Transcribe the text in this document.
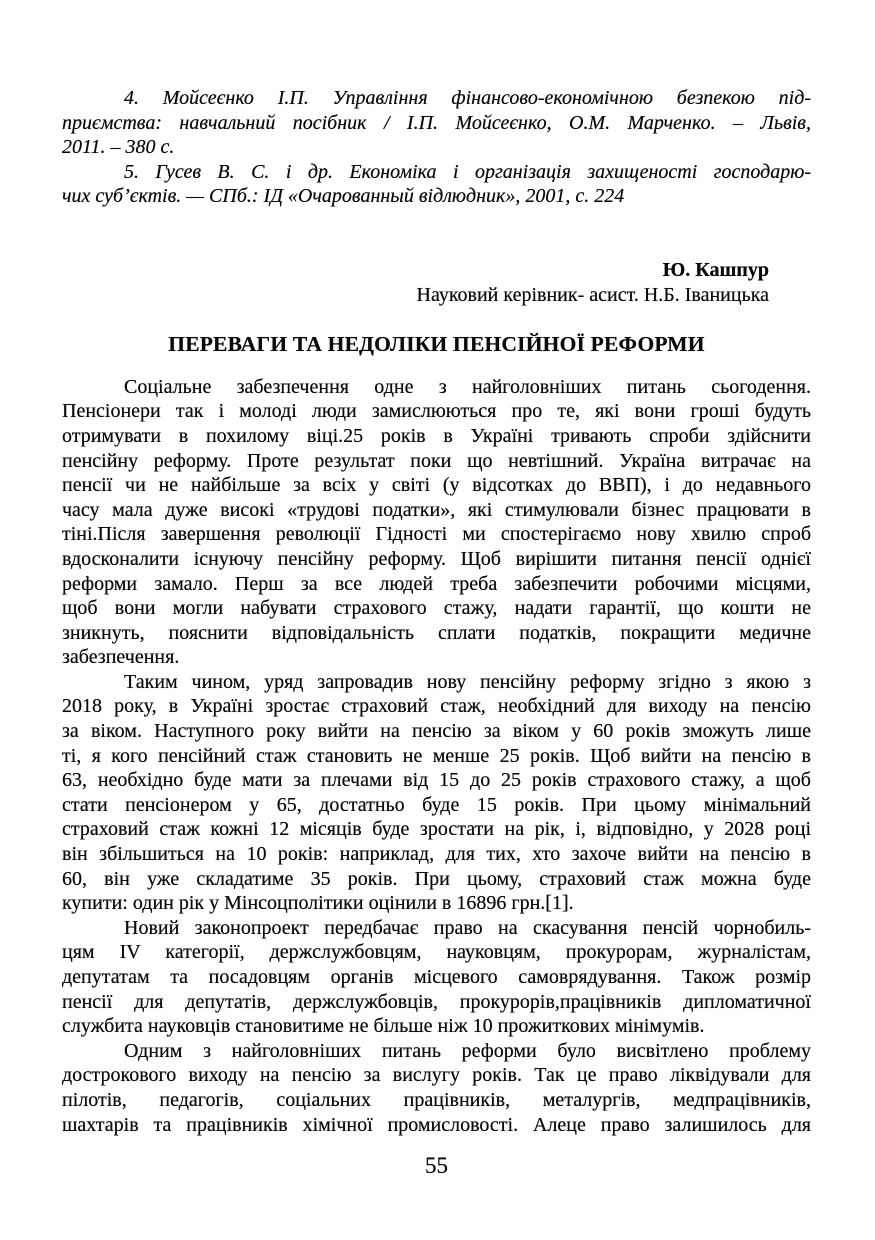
4. Мойсеєнко І.П. Управління фінансово-економічною безпекою під-
приємства: навчальний посібник / І.П. Мойсеєнко, О.М. Марченко. – Львів,
2011. – 380 с.
5. Гусев В. С. і др. Економіка і організація захищеності господарю-
чих суб’єктів. — СПб.: ІД «Очарованный відлюдник», 2001, с. 224
Ю. Кашпур
Науковий керівник- асист. Н.Б. Іваницька
ПЕРЕВАГИ ТА НЕДОЛІКИ ПЕНСІЙНОЇ РЕФОРМИ
Соціальне забезпечення одне з найголовніших питань сьогодення.
Пенсіонери так і молоді люди замислюються про те, які вони гроші будуть
отримувати в похилому віці.25 років в Україні тривають спроби здійснити
пенсійну реформу. Проте результат поки що невтішний. Україна витрачає на
пенсії чи не найбільше за всіх у світі (у відсотках до ВВП), і до недавнього
часу мала дуже високі «трудові податки», які стимулювали бізнес працювати в
тіні.Після завершення революції Гідності ми спостерігаємо нову хвилю спроб
вдосконалити існуючу пенсійну реформу. Щоб вирішити питання пенсії однієї
реформи замало. Перш за все людей треба забезпечити робочими місцями,
щоб вони могли набувати страхового стажу, надати гарантії, що кошти не
зникнуть, пояснити відповідальність сплати податків, покращити медичне
забезпечення.
Таким чином, уряд запровадив нову пенсійну реформу згідно з якою з
2018 року, в Україні зростає страховий стаж, необхідний для виходу на пенсію
за віком. Наступного року вийти на пенсію за віком у 60 років зможуть лише
ті, я кого пенсійний стаж становить не менше 25 років. Щоб вийти на пенсію в
63, необхідно буде мати за плечами від 15 до 25 років страхового стажу, а щоб
стати пенсіонером у 65, достатньо буде 15 років. При цьому мінімальний
страховий стаж кожні 12 місяців буде зростати на рік, і, відповідно, у 2028 році
він збільшиться на 10 років: наприклад, для тих, хто захоче вийти на пенсію в
60, він уже складатиме 35 років. При цьому, страховий стаж можна буде
купити: один рік у Мінсоцполітики оцінили в 16896 грн.[1].
Новий законопроект передбачає право на скасування пенсій чорнобиль-
цям IV категорії, держслужбовцям, науковцям, прокурорам, журналістам,
депутатам та посадовцям органів місцевого самоврядування. Також розмір
пенсії для депутатів, держслужбовців, прокурорів,працівників дипломатичної
службита науковців становитиме не більше ніж 10 прожиткових мінімумів.
Одним з найголовніших питань реформи було висвітлено проблему
дострокового виходу на пенсію за вислугу років. Так це право ліквідували для
пілотів, педагогів, соціальних працівників, металургів, медпрацівників,
шахтарів та працівників хімічної промисловості. Алеце право залишилось для
55
